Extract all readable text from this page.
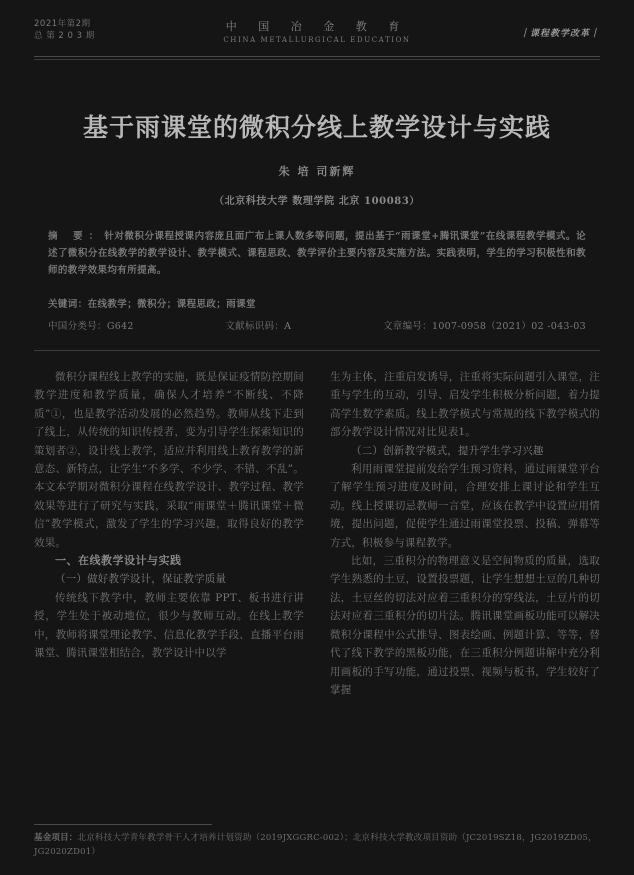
2021年第2期
总 第 2 0 3 期
中 国 冶 金 教 育
CHINA METALLURGICAL EDUCATION
｜课程教学改革｜
基于雨课堂的微积分线上教学设计与实践
朱 培 司新辉
（北京科技大学 数理学院 北京 100083）
摘 要：针对微积分课程授课内容庞且面广布上课人数多等问题，提出基于“雨课堂+腾讯课堂”在线课程教学模式。论述了微积分在线教学的教学设计、教学模式、课程思政、教学评价主要内容及实施方法。实践表明，学生的学习积极性和教师的教学效果均有所提高。
关键词：在线教学；微积分；课程思政；雨课堂
中国分类号：G642	文献标识码：A	文章编号：1007-0958（2021）02 -043-03

微积分课程线上教学的实施，既是保证疫情防控期间教学进度和教学质量，确保人才培养“不断线、不降质”①，也是教学活动发展的必然趋势。教师从线下走到了线上，从传统的知识传授者，变为引导学生探索知识的策划者②，设计线上教学，适应并利用线上教育教学的新意态、新特点，让学生“不多学、不少学、不错、不乱”。本文本学期对微积分课程在线教学设计、教学过程、教学效果等进行了研究与实践，采取“雨课堂＋腾讯课堂＋微信”教学模式，激发了学生的学习兴趣，取得良好的教学效果。

一、在线教学设计与实践

（一）做好教学设计，保证教学质量

传统线下教学中，教师主要依靠 PPT、板书进行讲授，学生处于被动地位，很少与教师互动。在线上教学中，教师将课堂理论教学、信息化教学手段、直播平台雨课堂、腾讯课堂相结合，教学设计中以学

生为主体，注重启发诱导，注重将实际问题引入课堂，注重与学生的互动，引导、启发学生积极分析问题，着力提高学生数学素质。线上教学模式与常规的线下教学模式的部分教学设计情况对比见表1。

（二）创新教学模式，提升学生学习兴趣

利用雨课堂提前发给学生预习资料，通过雨课堂平台了解学生预习进度及时间，合理安排上课讨论和学生互动。线上授课切忌教师一言堂，应该在教学中设置应用情境，提出问题，促使学生通过雨课堂投票、投稿、弹幕等方式，积极参与课程教学。

比如，三重积分的物理意义是空间物质的质量，选取学生熟悉的土豆，设置投票题，让学生想想土豆的几种切法，土豆丝的切法对应着三重积分的穿线法，土豆片的切法对应着三重积分的切片法。腾讯课堂画板功能可以解决微积分课程中公式推导、图表绘画、例题计算、等等，替代了线下教学的黑板功能，在三重积分例题讲解中充分利用画板的手写功能，通过投票、视频与板书，学生较好了掌握

基金项目：北京科技大学青年教学骨干人才培养计划资助（2019JXGGRC-002）；北京科技大学教改项目资助（JC2019SZ18，JG2019ZD05，JG2020ZD01）
